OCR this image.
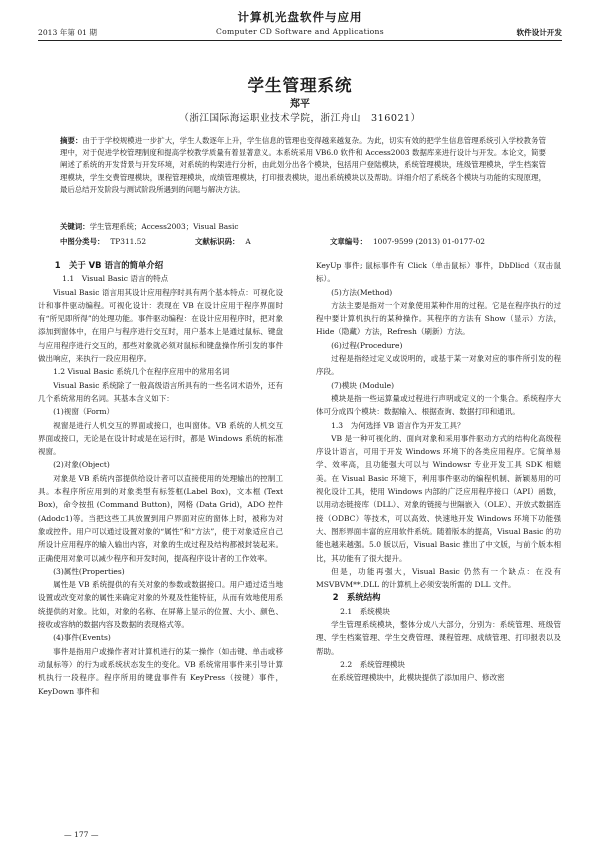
计算机光盘软件与应用
2013 年第 01 期	Computer CD Software and Applications	软件设计开发
学生管理系统
郑平
（浙江国际海运职业技术学院，浙江舟山　316021）
摘要：由于于学校规模进一步扩大，学生人数逐年上升，学生信息的管理也变得越来越复杂。为此，切实有效的把学生信息管理系统引入学校教务管理中，对于促进学校管理制度和提高学校教学质量有着显著意义。本系统采用 VB6.0 软件和 Access2003 数据库来进行设计与开发。本论文，简要阐述了系统的开发背景与开发环境，对系统的构架进行分析，由此划分出各个模块，包括用户登陆模块，系统管理模块，班级管理模块，学生档案管理模块，学生交费管理模块，课程管理模块，成绩管理模块，打印报表模块，退出系统模块以及帮助。详细介绍了系统各个模块与功能的实现原理，最后总结开发阶段与测试阶段所遇到的问题与解决方法。
关键词：学生管理系统；Access2003；Visual Basic
中图分类号： TP311.52	文献标识码： A	文章编号： 1007-9599 (2013) 01-0177-02

1　关于 VB 语言的简单介绍

1.1　Visual Basic 语言的特点

Visual Basic 语言用其设计应用程序时具有两个基本特点：可视化设计和事件驱动编程。可视化设计：表现在 VB 在设计应用于程序界面时有“所见即所得”的处理功能。事件驱动编程：在设计应用程序时，把对象添加到窗体中，在用户与程序进行交互时，用户基本上是通过鼠标、键盘与应用程序进行交互的，那些对象就必须对鼠标和键盘操作所引发的事件做出响应，来执行一段应用程序。

1.2 Visual Basic 系统几个在程序应用中的常用名词

Visual Basic 系统除了一般高级语言所具有的一些名词术语外，还有几个系统常用的名词。其基本含义如下：

(1)视窗（Form）

视窗是进行人机交互的界面或接口，也叫窗体。VB 系统的人机交互界面或接口，无论是在设计时或是在运行时，都是 Windows 系统的标准视窗。

(2)对象(Object)

对象是 VB 系统内部提供给设计者可以直接使用的处理输出的控制工具。本程序所应用到的对象类型有标签框(Label Box)，文本框 (Text Box)，命令按扭 (Command Button)，网格 (Data Grid)，ADO 控件 (Adodc1)等。当把这些工具放置到用户界面对应的窗体上时，被称为对象或控件。用户可以通过设置对象的“属性”和“方法”，使于对象适应自己所设计应用程序的输入输出内容，对象的生成过程及结构都被封装起来。正确使用对象可以减少程序和开发时间，提高程序设计者的工作效率。

(3)属性(Properties)

属性是 VB 系统提供的有关对象的参数或数据接口。用户通过适当地设置或改变对象的属性来确定对象的外观及性能特征，从而有效地使用系统提供的对象。比如，对象的名称、在屏幕上显示的位置、大小、颜色、接收或容纳的数据内容及数据的表现格式等。

(4)事件(Events)

事件是指用户或操作者对计算机进行的某一操作（如击键、单击或移动鼠标等）的行为或系统状态发生的变化。VB 系统常用事件来引导计算机执行一段程序。程序所用的键盘事件有 KeyPress（按键）事件，KeyDown 事件和

KeyUp 事件; 鼠标事件有 Click（单击鼠标）事件，DbDlicd（双击鼠标）。

(5)方法(Method)

方法主要是指对一个对象使用某种作用的过程。它是在程序执行的过程中要计算机执行的某种操作。其程序的方法有 Show（显示）方法，Hide（隐藏）方法，Refresh（刷新）方法。

(6)过程(Procedure)

过程是指经过定义或说明的，或基于某一对象对应的事件所引发的程序段。

(7)模块 (Module)

模块是指一些运算量或过程进行声明或定义的一个集合。系统程序大体可分成四个模块：数据输入、根据查询、数据打印和通讯。

1.3　为何选择 VB 语言作为开发工具？

VB 是一种可视化的、面向对象和采用事件驱动方式的结构化高级程序设计语言，可用于开发 Windows 环境下的各类应用程序。它简单易学、效率高，且功能强大可以与 Windowsr 专业开发工具 SDK 相媲美。在 Visual Basic 环境下，利用事件驱动的编程机制、新颖易用的可视化设计工具，使用 Windows 内部的广泛应用程序接口（API）函数，以用动态链接库（DLL）、对象的链接与世隔嵌入（OLE）、开放式数据连接（ODBC）等技术，可以高效、快速地开发 Windows 环境下功能强大、图形界面丰富的应用软件系统。随着版本的提高，Visual Basic 的功能也越来越强。5.0 版以后，Visual Basic 推出了中文版，与前个版本相比，其功能有了很大提升。

但是，功能再强大，Visual Basic 仍然有一个缺点：在没有 MSVBVM**.DLL 的计算机上必须安装所需的 DLL 文件。

2　系统结构

2.1　系统模块

学生管理系统模块，整体分成八大部分，分别为：系统管理、班级管理、学生档案管理、学生交费管理、课程管理、成绩管理、打印报表以及帮助。

2.2　系统管理模块

在系统管理模块中，此模块提供了添加用户、修改密

— 177 —
